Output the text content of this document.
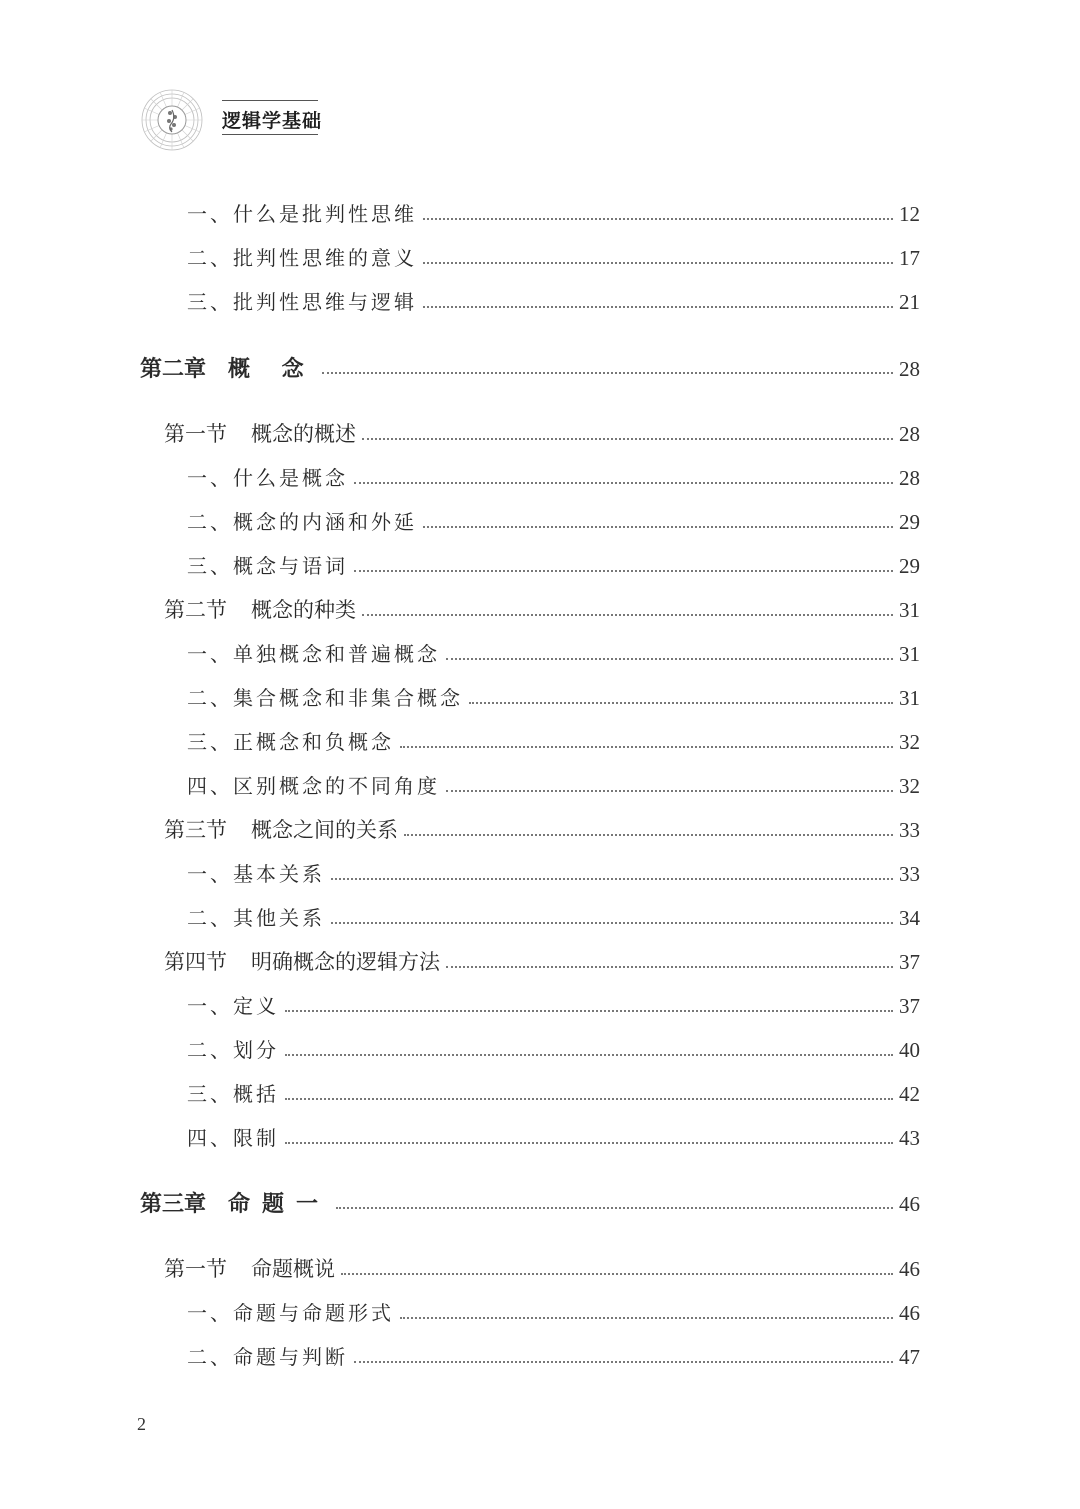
逻辑学基础
一、什么是批判性思维	12
二、批判性思维的意义	17
三、批判性思维与逻辑	21
第二章 概 念	28
第一节 概念的概述	28
一、什么是概念	28
二、概念的内涵和外延	29
三、概念与语词	29
第二节 概念的种类	31
一、单独概念和普遍概念	31
二、集合概念和非集合概念	31
三、正概念和负概念	32
四、区别概念的不同角度	32
第三节 概念之间的关系	33
一、基本关系	33
二、其他关系	34
第四节 明确概念的逻辑方法	37
一、定义	37
二、划分	40
三、概括	42
四、限制	43
第三章 命题一	46
第一节 命题概说	46
一、命题与命题形式	46
二、命题与判断	47
2
